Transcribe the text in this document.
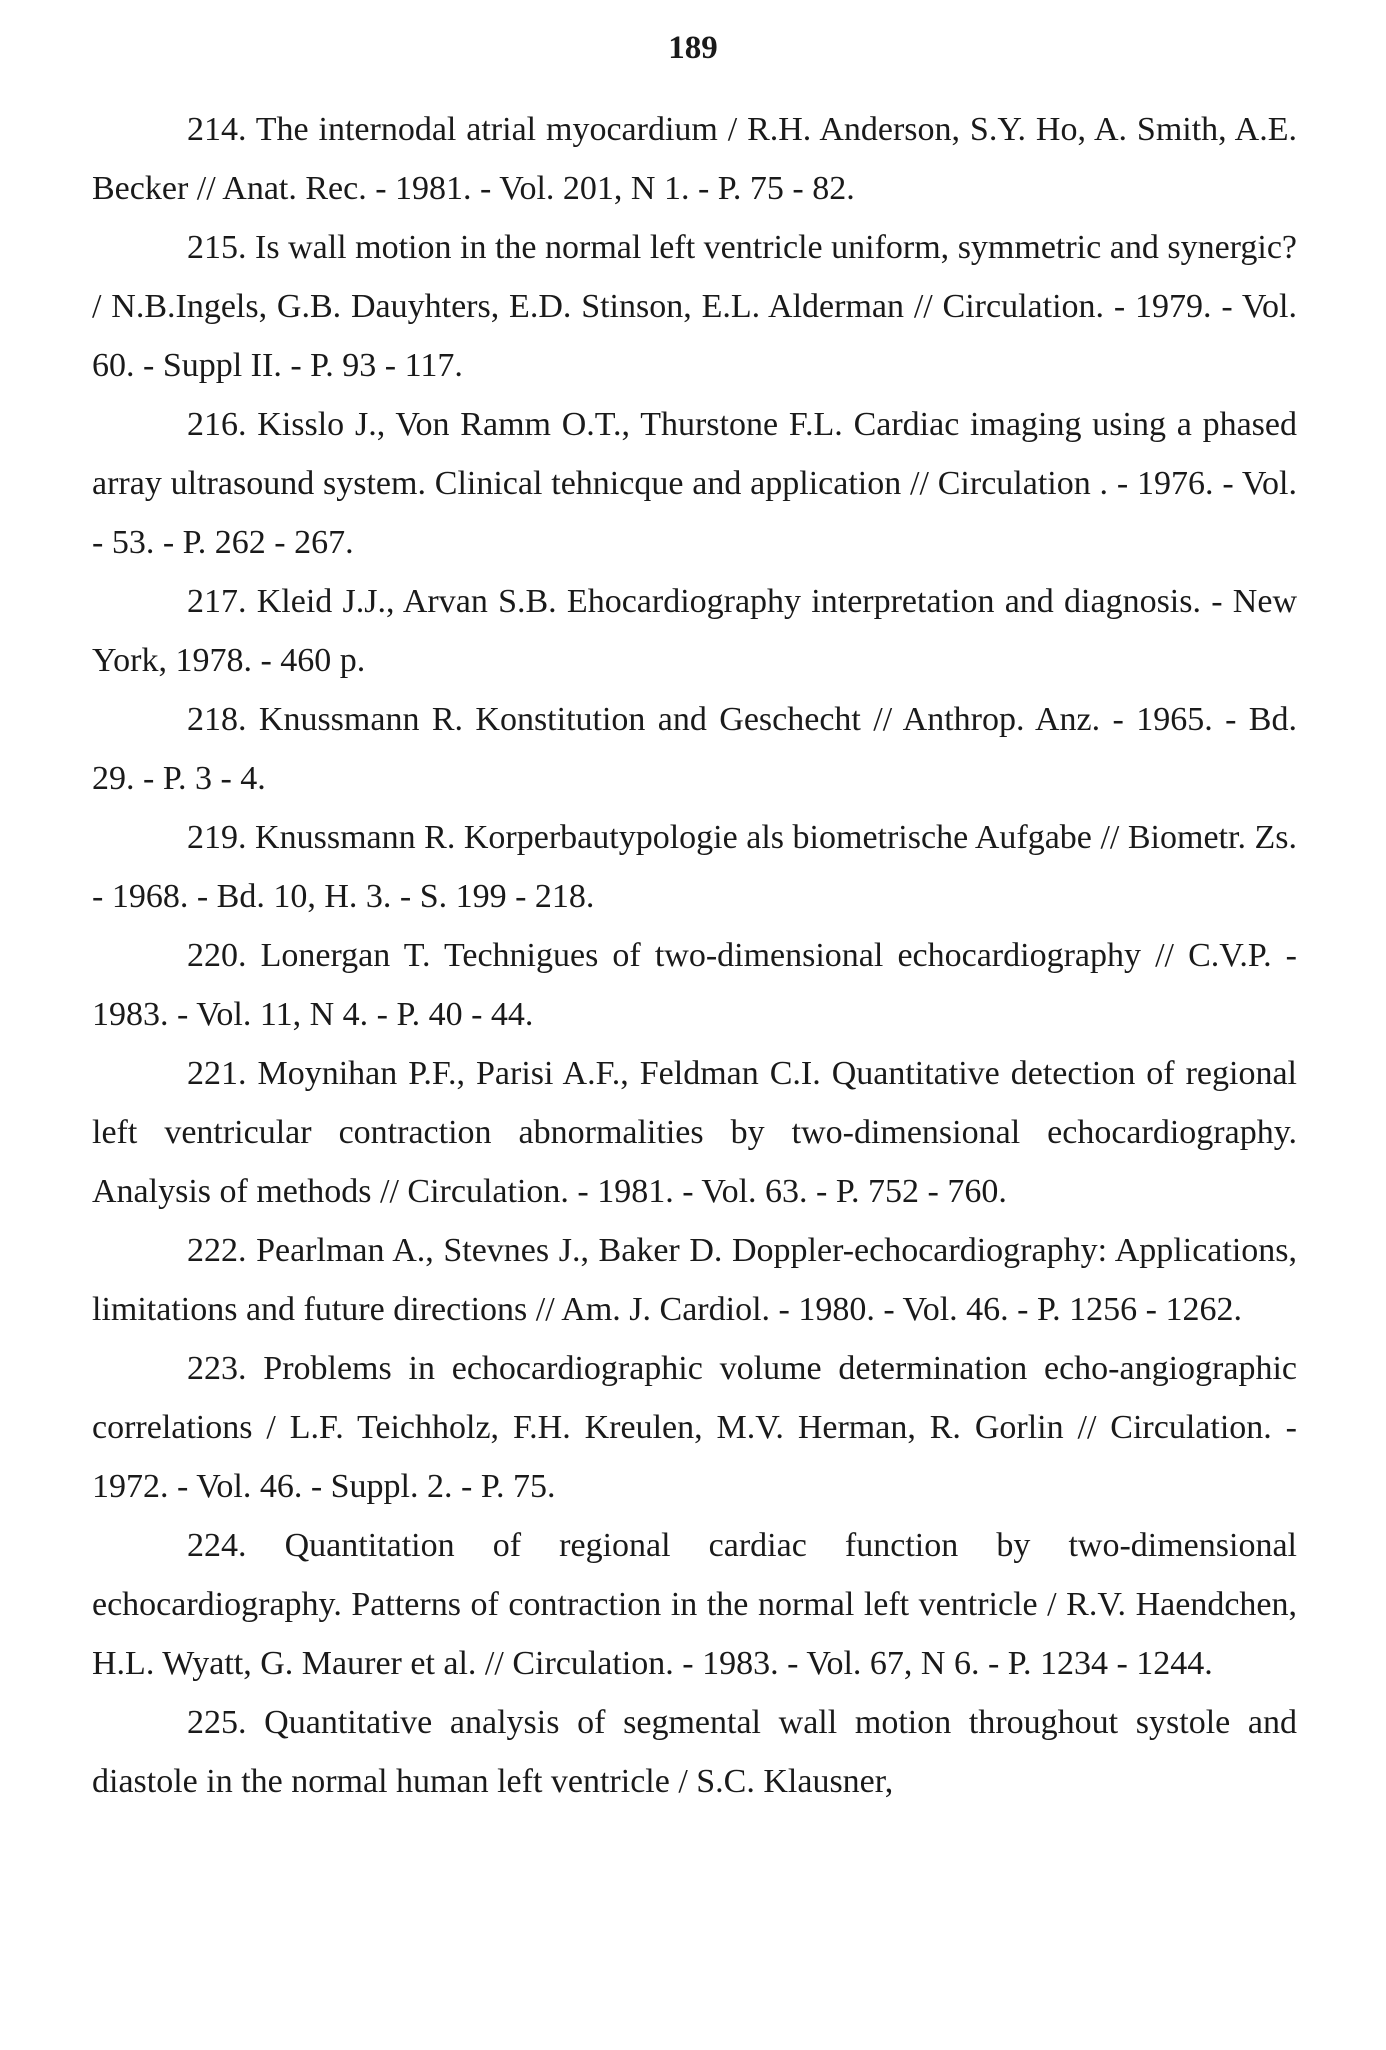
189

214. The internodal atrial myocardium / R.H. Anderson, S.Y. Ho, A. Smith, A.E. Becker // Anat. Rec. - 1981. - Vol. 201, N 1. - P. 75 - 82.

215. Is wall motion in the normal left ventricle uniform, symmetric and synergic? / N.B.Ingels, G.B. Dauyhters, E.D. Stinson, E.L. Alderman // Circulation. - 1979. - Vol. 60. - Suppl II. - P. 93 - 117.

216. Kisslo J., Von Ramm O.T., Thurstone F.L. Cardiac imaging using a phased array ultrasound system. Clinical tehnicque and application // Circulation . - 1976. - Vol. - 53. - P. 262 - 267.

217. Kleid J.J., Arvan S.B. Ehocardiography interpretation and diagnosis. - New York, 1978. - 460 p.

218. Knussmann R. Konstitution and Geschecht // Anthrop. Anz. - 1965. - Bd. 29. - P. 3 - 4.

219. Knussmann R. Korperbautypologie als biometrische Aufgabe // Biometr. Zs. - 1968. - Bd. 10, H. 3. - S. 199 - 218.

220. Lonergan T. Technigues of two-dimensional echocardiography // C.V.P. - 1983. - Vol. 11, N 4. - P. 40 - 44.

221. Moynihan P.F., Parisi A.F., Feldman C.I. Quantitative detection of regional left ventricular contraction abnormalities by two-dimensional echocardiography. Analysis of methods // Circulation. - 1981. - Vol. 63. - P. 752 - 760.

222. Pearlman A., Stevnes J., Baker D. Doppler-echocardiography: Applications, limitations and future directions // Am. J. Cardiol. - 1980. - Vol. 46. - P. 1256 - 1262.

223. Problems in echocardiographic volume determination echo-angiographic correlations / L.F. Teichholz, F.H. Kreulen, M.V. Herman, R. Gorlin // Circulation. - 1972. - Vol. 46. - Suppl. 2. - P. 75.

224. Quantitation of regional cardiac function by two-dimensional echocardiography. Patterns of contraction in the normal left ventricle / R.V. Haendchen, H.L. Wyatt, G. Maurer et al. // Circulation. - 1983. - Vol. 67, N 6. - P. 1234 - 1244.

225. Quantitative analysis of segmental wall motion throughout systole and diastole in the normal human left ventricle / S.C. Klausner,
